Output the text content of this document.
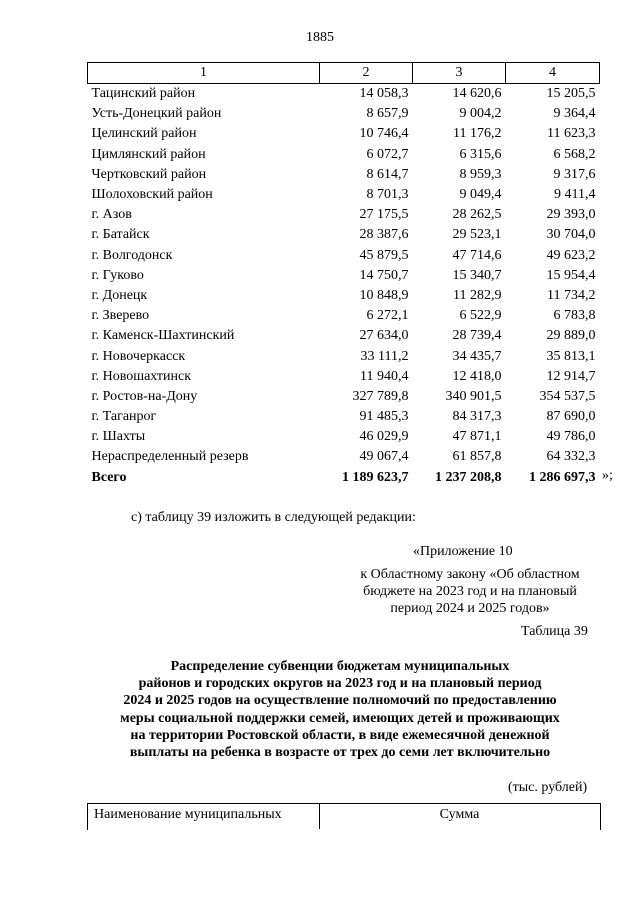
1885
1	2	3	4
Тацинский район	14 058,3	14 620,6	15 205,5
Усть-Донецкий район	8 657,9	9 004,2	9 364,4
Целинский район	10 746,4	11 176,2	11 623,3
Цимлянский район	6 072,7	6 315,6	6 568,2
Чертковский район	8 614,7	8 959,3	9 317,6
Шолоховский район	8 701,3	9 049,4	9 411,4
г. Азов	27 175,5	28 262,5	29 393,0
г. Батайск	28 387,6	29 523,1	30 704,0
г. Волгодонск	45 879,5	47 714,6	49 623,2
г. Гуково	14 750,7	15 340,7	15 954,4
г. Донецк	10 848,9	11 282,9	11 734,2
г. Зверево	6 272,1	6 522,9	6 783,8
г. Каменск-Шахтинский	27 634,0	28 739,4	29 889,0
г. Новочеркасск	33 111,2	34 435,7	35 813,1
г. Новошахтинск	11 940,4	12 418,0	12 914,7
г. Ростов-на-Дону	327 789,8	340 901,5	354 537,5
г. Таганрог	91 485,3	84 317,3	87 690,0
г. Шахты	46 029,9	47 871,1	49 786,0
Нераспределенный резерв	49 067,4	61 857,8	64 332,3
Всего	1 189 623,7	1 237 208,8	1 286 697,3 »;
с) таблицу 39 изложить в следующей редакции:
«Приложение 10
к Областному закону «Об областном
бюджете на 2023 год и на плановый
период 2024 и 2025 годов»
Таблица 39
Распределение субвенции бюджетам муниципальных
районов и городских округов на 2023 год и на плановый период
2024 и 2025 годов на осуществление полномочий по предоставлению
меры социальной поддержки семей, имеющих детей и проживающих
на территории Ростовской области, в виде ежемесячной денежной
выплаты на ребенка в возрасте от трех до семи лет включительно
(тыс. рублей)
Наименование муниципальных	Сумма
